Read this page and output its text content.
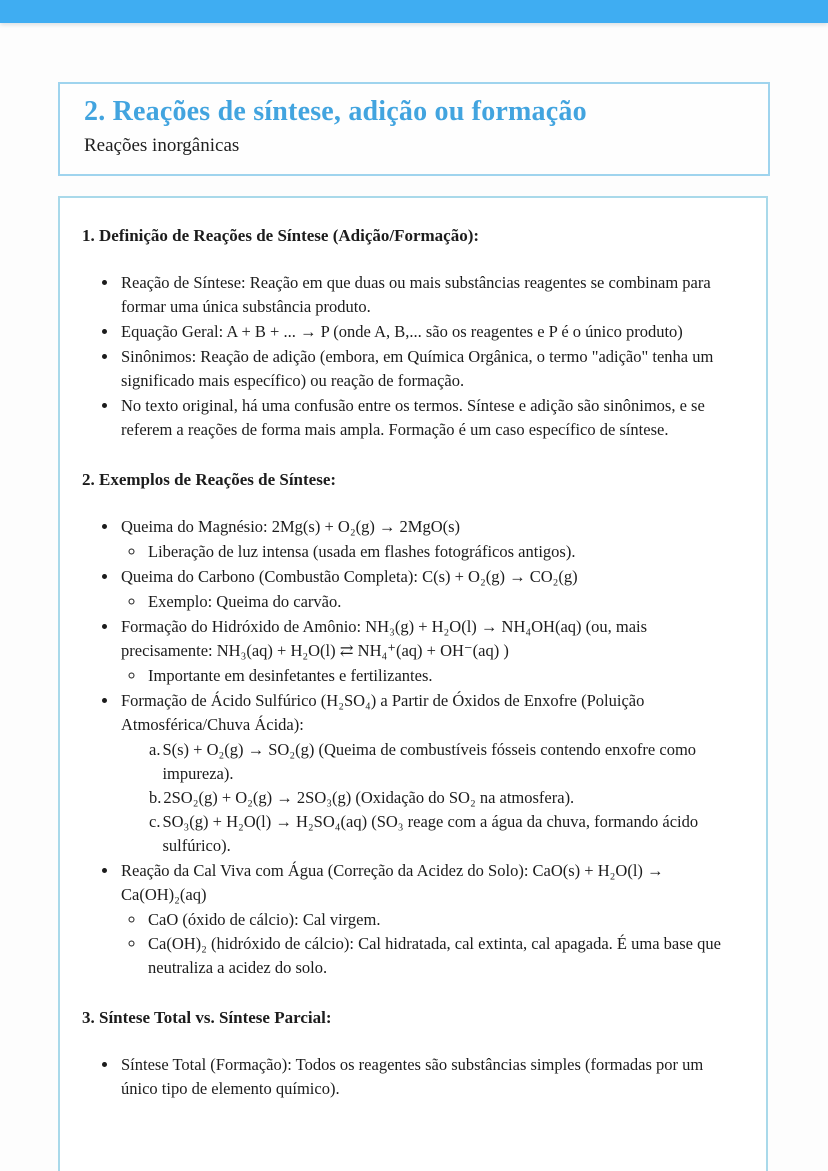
2. Reações de síntese, adição ou formação

Reações inorgânicas

1. Definição de Reações de Síntese (Adição/Formação):
• Reação de Síntese: Reação em que duas ou mais substâncias reagentes se combinam para formar uma única substância produto.
• Equação Geral: A + B + ... → P (onde A, B,... são os reagentes e P é o único produto)
• Sinônimos: Reação de adição (embora, em Química Orgânica, o termo "adição" tenha um significado mais específico) ou reação de formação.
• No texto original, há uma confusão entre os termos. Síntese e adição são sinônimos, e se referem a reações de forma mais ampla. Formação é um caso específico de síntese.
2. Exemplos de Reações de Síntese:
• Queima do Magnésio: 2Mg(s) + O₂(g) → 2MgO(s)
◦ Liberação de luz intensa (usada em flashes fotográficos antigos).
• Queima do Carbono (Combustão Completa): C(s) + O₂(g) → CO₂(g)
◦ Exemplo: Queima do carvão.
• Formação do Hidróxido de Amônio: NH₃(g) + H₂O(l) → NH₄OH(aq) (ou, mais precisamente: NH₃(aq) + H₂O(l) ⇄ NH₄⁺(aq) + OH⁻(aq) )
◦ Importante em desinfetantes e fertilizantes.
• Formação de Ácido Sulfúrico (H₂SO₄) a Partir de Óxidos de Enxofre (Poluição Atmosférica/Chuva Ácida):
a. S(s) + O₂(g) → SO₂(g) (Queima de combustíveis fósseis contendo enxofre como impureza).
b. 2SO₂(g) + O₂(g) → 2SO₃(g) (Oxidação do SO₂ na atmosfera).
c. SO₃(g) + H₂O(l) → H₂SO₄(aq) (SO₃ reage com a água da chuva, formando ácido sulfúrico).
• Reação da Cal Viva com Água (Correção da Acidez do Solo): CaO(s) + H₂O(l) → Ca(OH)₂(aq)
◦ CaO (óxido de cálcio): Cal virgem.
◦ Ca(OH)₂ (hidróxido de cálcio): Cal hidratada, cal extinta, cal apagada. É uma base que neutraliza a acidez do solo.
3. Síntese Total vs. Síntese Parcial:
• Síntese Total (Formação): Todos os reagentes são substâncias simples (formadas por um único tipo de elemento químico).
